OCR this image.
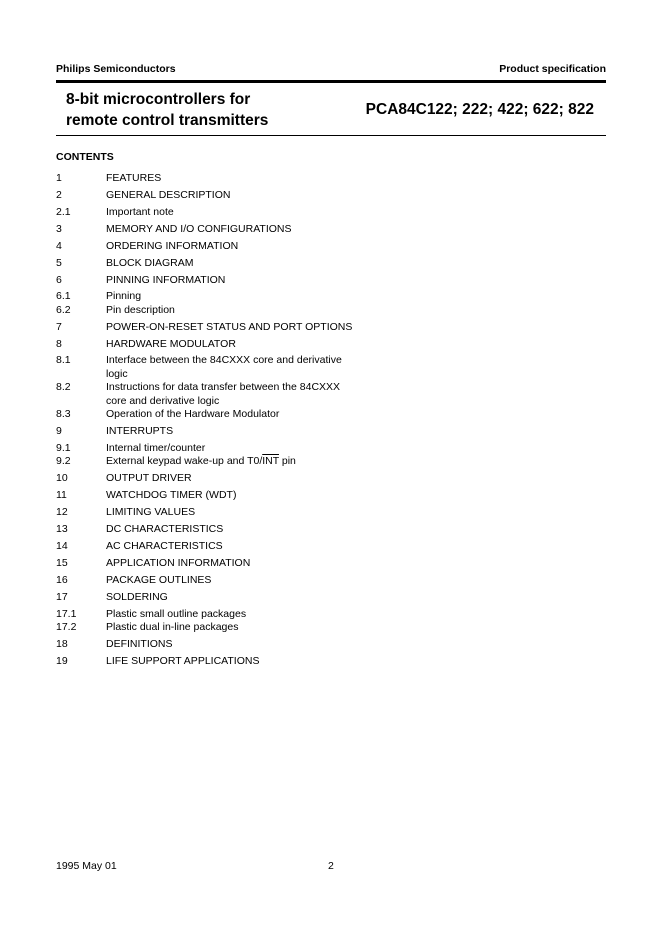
Philips Semiconductors	Product specification
8-bit microcontrollers for
remote control transmitters
PCA84C122; 222; 422; 622; 822
CONTENTS
1	FEATURES
2	GENERAL DESCRIPTION
2.1	Important note
3	MEMORY AND I/O CONFIGURATIONS
4	ORDERING INFORMATION
5	BLOCK DIAGRAM
6	PINNING INFORMATION
6.1	Pinning
6.2	Pin description
7	POWER-ON-RESET STATUS AND PORT OPTIONS
8	HARDWARE MODULATOR
8.1	Interface between the 84CXXX core and derivative logic
8.2	Instructions for data transfer between the 84CXXX core and derivative logic
8.3	Operation of the Hardware Modulator
9	INTERRUPTS
9.1	Internal timer/counter
9.2	External keypad wake-up and $T0/\overline{INT}$ pin
10	OUTPUT DRIVER
11	WATCHDOG TIMER (WDT)
12	LIMITING VALUES
13	DC CHARACTERISTICS
14	AC CHARACTERISTICS
15	APPLICATION INFORMATION
16	PACKAGE OUTLINES
17	SOLDERING
17.1	Plastic small outline packages
17.2	Plastic dual in-line packages
18	DEFINITIONS
19	LIFE SUPPORT APPLICATIONS
1995 May 01	2
